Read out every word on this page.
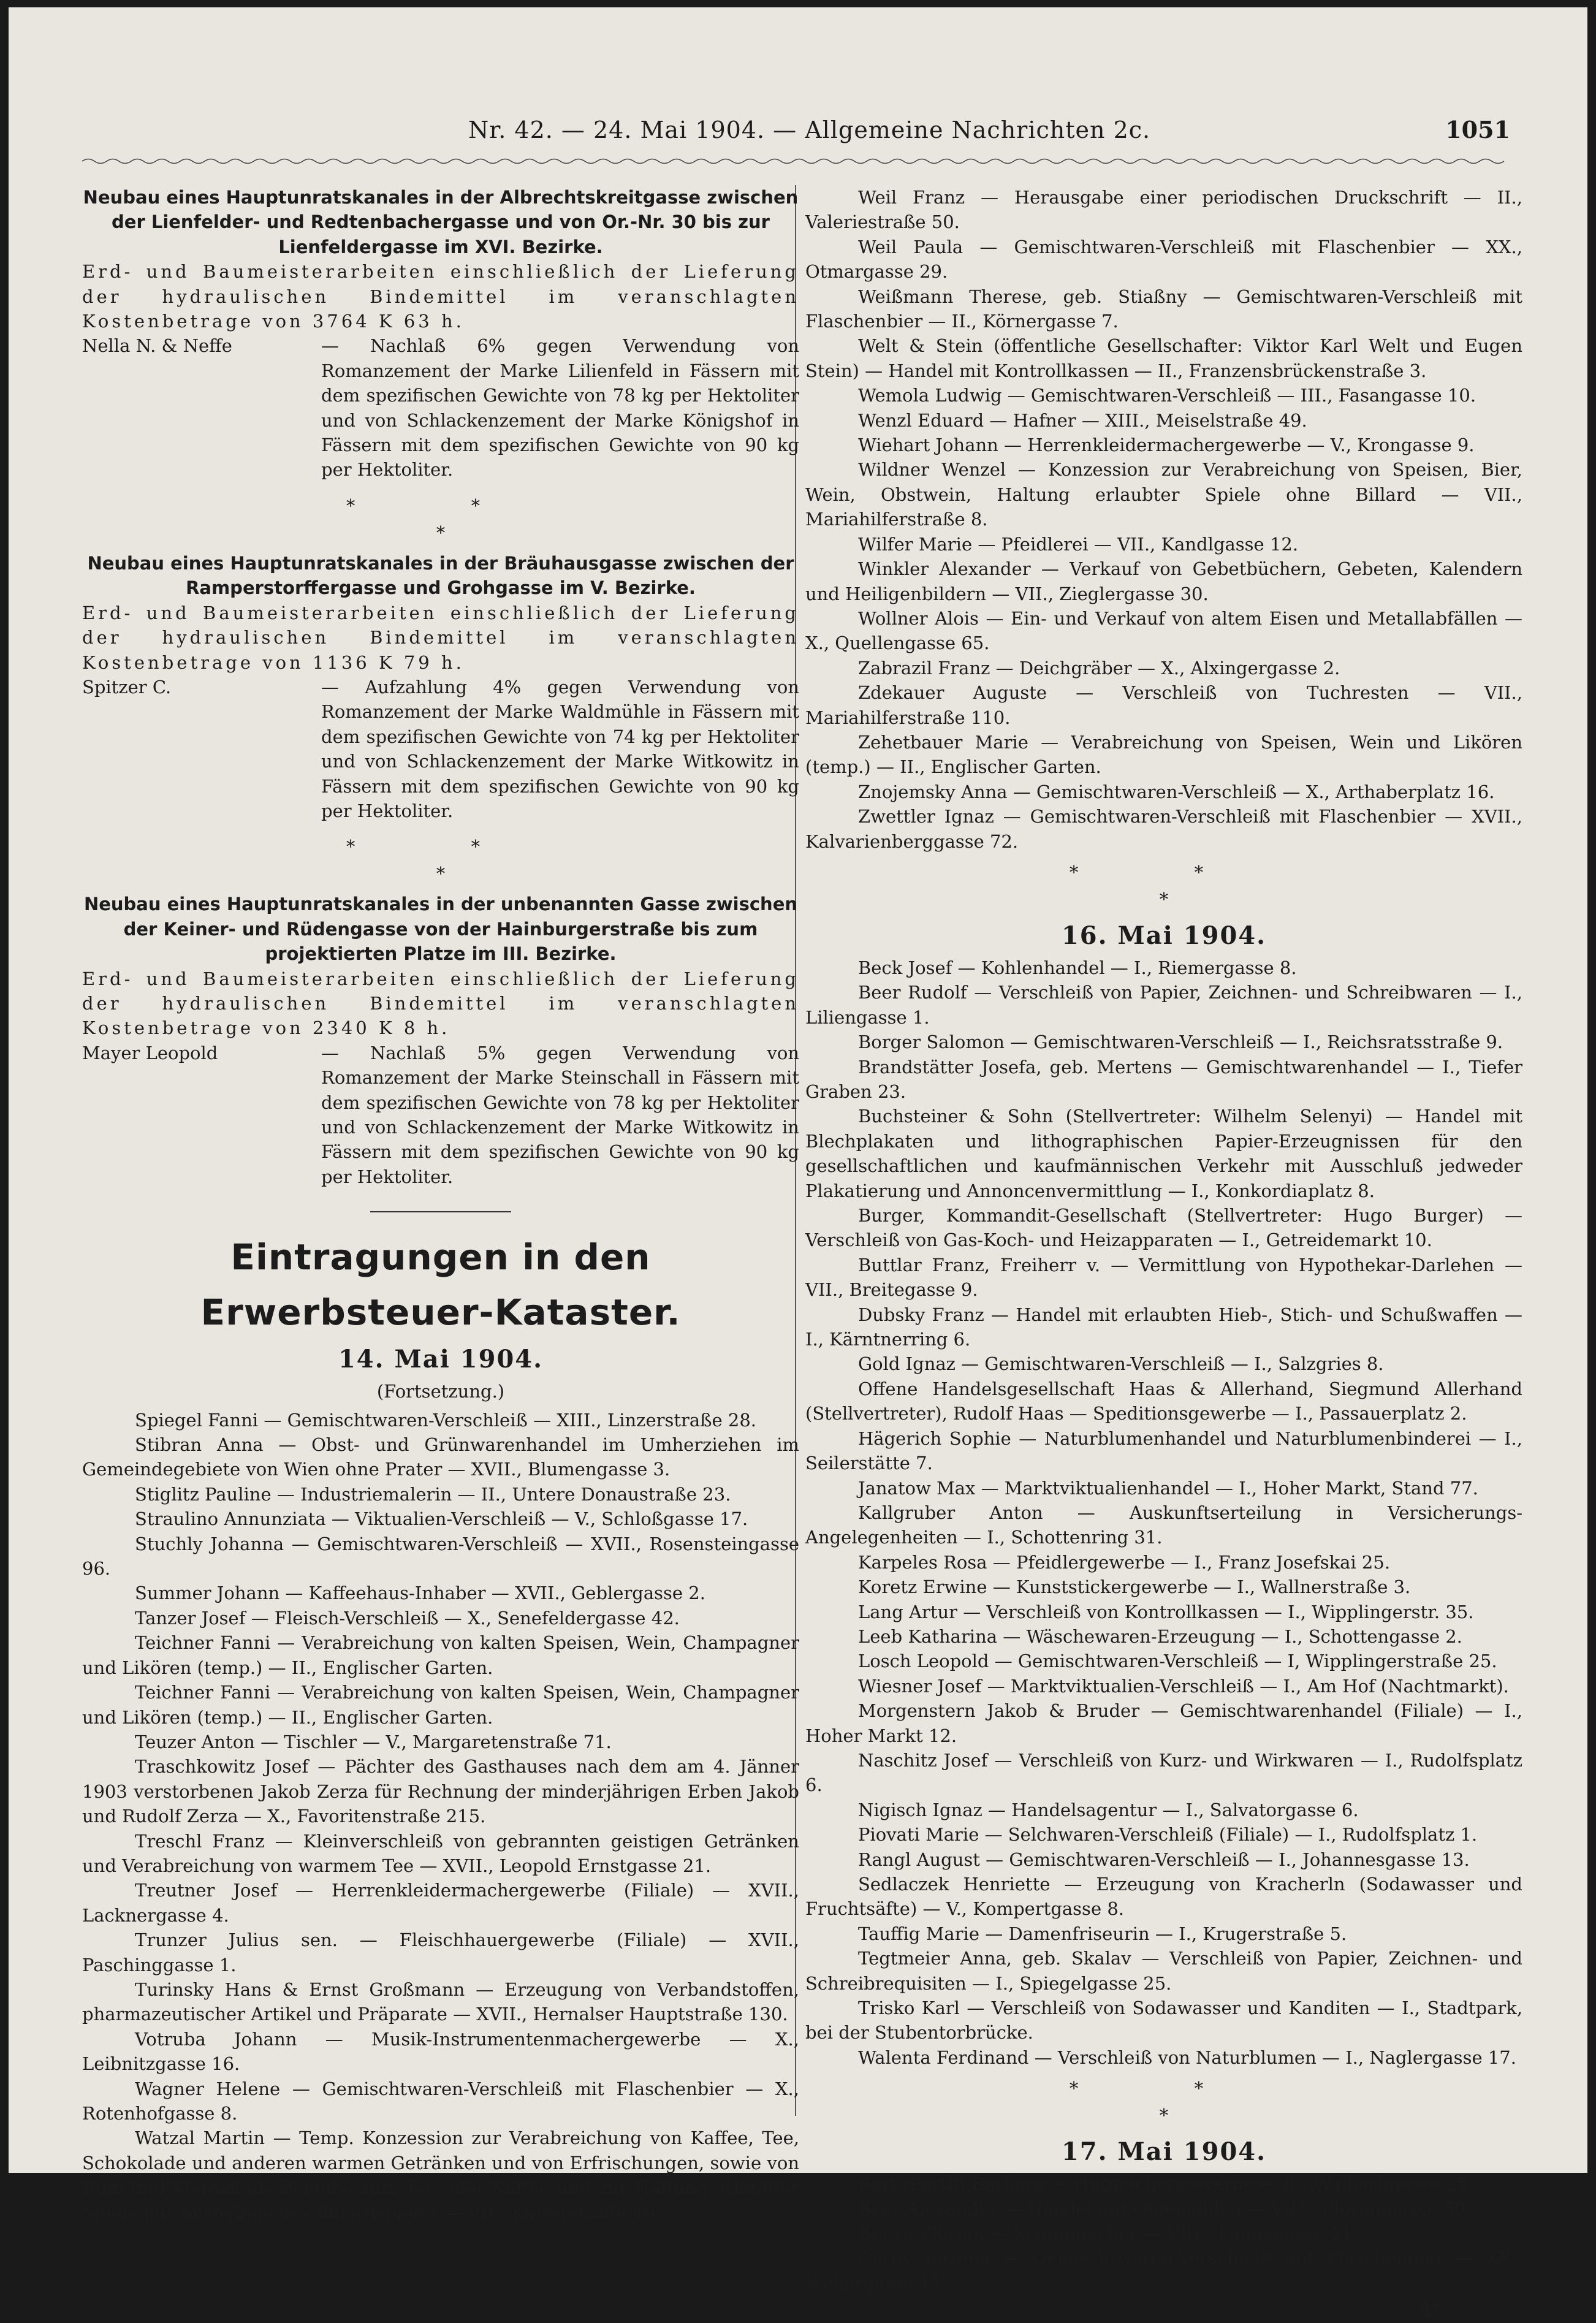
Nr. 42. — 24. Mai 1904. — Allgemeine Nachrichten 2c.	1051

Neubau eines Hauptunratskanales in der Albrechtskreitgasse zwischen der Lienfelder- und Redtenbachergasse und von Or.-Nr. 30 bis zur Lienfeldergasse im XVI. Bezirke.

Erd- und Baumeisterarbeiten einschließlich der Lieferung der hydraulischen Bindemittel im veranschlagten Kostenbetrage von 3764 K 63 h.

Nella N. & Neffe	— Nachlaß 6% gegen Verwendung von Romanzement der Marke Lilienfeld in Fässern mit dem spezifischen Gewichte von 78 kg per Hektoliter und von Schlackenzement der Marke Königshof in Fässern mit dem spezifischen Gewichte von 90 kg per Hektoliter.

* *

*

Neubau eines Hauptunratskanales in der Bräuhausgasse zwischen der Ramperstorffergasse und Grohgasse im V. Bezirke.

Erd- und Baumeisterarbeiten einschließlich der Lieferung der hydraulischen Bindemittel im veranschlagten Kostenbetrage von 1136 K 79 h.

Spitzer C.	— Aufzahlung 4% gegen Verwendung von Romanzement der Marke Waldmühle in Fässern mit dem spezifischen Gewichte von 74 kg per Hektoliter und von Schlackenzement der Marke Witkowitz in Fässern mit dem spezifischen Gewichte von 90 kg per Hektoliter.

* *

*

Neubau eines Hauptunratskanales in der unbenannten Gasse zwischen der Keiner- und Rüdengasse von der Hainburgerstraße bis zum projektierten Platze im III. Bezirke.

Erd- und Baumeisterarbeiten einschließlich der Lieferung der hydraulischen Bindemittel im veranschlagten Kostenbetrage von 2340 K 8 h.

Mayer Leopold	— Nachlaß 5% gegen Verwendung von Romanzement der Marke Steinschall in Fässern mit dem spezifischen Gewichte von 78 kg per Hektoliter und von Schlackenzement der Marke Witkowitz in Fässern mit dem spezifischen Gewichte von 90 kg per Hektoliter.

Eintragungen in den Erwerbsteuer-Kataster.

14. Mai 1904.

(Fortsetzung.)

Spiegel Fanni — Gemischtwaren-Verschleiß — XIII., Linzerstraße 28.

Stibran Anna — Obst- und Grünwarenhandel im Umherziehen im Gemeindegebiete von Wien ohne Prater — XVII., Blumengasse 3.

Stiglitz Pauline — Industriemalerin — II., Untere Donaustraße 23.

Straulino Annunziata — Viktualien-Verschleiß — V., Schloßgasse 17.

Stuchly Johanna — Gemischtwaren-Verschleiß — XVII., Rosensteingasse 96.

Summer Johann — Kaffeehaus-Inhaber — XVII., Geblergasse 2.

Tanzer Josef — Fleisch-Verschleiß — X., Senefeldergasse 42.

Teichner Fanni — Verabreichung von kalten Speisen, Wein, Champagner und Likören (temp.) — II., Englischer Garten.

Teichner Fanni — Verabreichung von kalten Speisen, Wein, Champagner und Likören (temp.) — II., Englischer Garten.

Teuzer Anton — Tischler — V., Margaretenstraße 71.

Traschkowitz Josef — Pächter des Gasthauses nach dem am 4. Jänner 1903 verstorbenen Jakob Zerza für Rechnung der minderjährigen Erben Jakob und Rudolf Zerza — X., Favoritenstraße 215.

Treschl Franz — Kleinverschleiß von gebrannten geistigen Getränken und Verabreichung von warmem Tee — XVII., Leopold Ernstgasse 21.

Treutner Josef — Herrenkleidermachergewerbe (Filiale) — XVII., Lacknergasse 4.

Trunzer Julius sen. — Fleischhauergewerbe (Filiale) — XVII., Paschinggasse 1.

Turinsky Hans & Ernst Großmann — Erzeugung von Verbandstoffen, pharmazeutischer Artikel und Präparate — XVII., Hernalser Hauptstraße 130.

Votruba Johann — Musik-Instrumentenmachergewerbe — X., Leibnitzgasse 16.

Wagner Helene — Gemischtwaren-Verschleiß mit Flaschenbier — X., Rotenhofgasse 8.

Watzal Martin — Temp. Konzession zur Verabreichung von Kaffee, Tee, Schokolade und anderen warmen Getränken und von Erfrischungen, sowie von Rum und Kognak als Beigabe zum Tee oder Kaffee und zur Haltung erlaubter Spiele mit Ausnahme des Billardspieles — VII., Kaiserstraße 40.

Weil Franz — Herausgabe einer periodischen Druckschrift — II., Valeriestraße 50.

Weil Paula — Gemischtwaren-Verschleiß mit Flaschenbier — XX., Otmargasse 29.

Weißmann Therese, geb. Stiaßny — Gemischtwaren-Verschleiß mit Flaschenbier — II., Körnergasse 7.

Welt & Stein (öffentliche Gesellschafter: Viktor Karl Welt und Eugen Stein) — Handel mit Kontrollkassen — II., Franzensbrückenstraße 3.

Wemola Ludwig — Gemischtwaren-Verschleiß — III., Fasangasse 10.

Wenzl Eduard — Hafner — XIII., Meiselstraße 49.

Wiehart Johann — Herrenkleidermachergewerbe — V., Krongasse 9.

Wildner Wenzel — Konzession zur Verabreichung von Speisen, Bier, Wein, Obstwein, Haltung erlaubter Spiele ohne Billard — VII., Mariahilferstraße 8.

Wilfer Marie — Pfeidlerei — VII., Kandlgasse 12.

Winkler Alexander — Verkauf von Gebetbüchern, Gebeten, Kalendern und Heiligenbildern — VII., Zieglergasse 30.

Wollner Alois — Ein- und Verkauf von altem Eisen und Metallabfällen — X., Quellengasse 65.

Zabrazil Franz — Deichgräber — X., Alxingergasse 2.

Zdekauer Auguste — Verschleiß von Tuchresten — VII., Mariahilferstraße 110.

Zehetbauer Marie — Verabreichung von Speisen, Wein und Likören (temp.) — II., Englischer Garten.

Znojemsky Anna — Gemischtwaren-Verschleiß — X., Arthaberplatz 16.

Zwettler Ignaz — Gemischtwaren-Verschleiß mit Flaschenbier — XVII., Kalvarienberggasse 72.

* *

*

16. Mai 1904.

Beck Josef — Kohlenhandel — I., Riemergasse 8.

Beer Rudolf — Verschleiß von Papier, Zeichnen- und Schreibwaren — I., Liliengasse 1.

Borger Salomon — Gemischtwaren-Verschleiß — I., Reichsratsstraße 9.

Brandstätter Josefa, geb. Mertens — Gemischtwarenhandel — I., Tiefer Graben 23.

Buchsteiner & Sohn (Stellvertreter: Wilhelm Selenyi) — Handel mit Blechplakaten und lithographischen Papier-Erzeugnissen für den gesellschaftlichen und kaufmännischen Verkehr mit Ausschluß jedweder Plakatierung und Annoncenvermittlung — I., Konkordiaplatz 8.

Burger, Kommandit-Gesellschaft (Stellvertreter: Hugo Burger) — Verschleiß von Gas-Koch- und Heizapparaten — I., Getreidemarkt 10.

Buttlar Franz, Freiherr v. — Vermittlung von Hypothekar-Darlehen — VII., Breitegasse 9.

Dubsky Franz — Handel mit erlaubten Hieb-, Stich- und Schußwaffen — I., Kärntnerring 6.

Gold Ignaz — Gemischtwaren-Verschleiß — I., Salzgries 8.

Offene Handelsgesellschaft Haas & Allerhand, Siegmund Allerhand (Stellvertreter), Rudolf Haas — Speditionsgewerbe — I., Passauerplatz 2.

Hägerich Sophie — Naturblumenhandel und Naturblumenbinderei — I., Seilerstätte 7.

Janatow Max — Marktviktualienhandel — I., Hoher Markt, Stand 77.

Kallgruber Anton — Auskunftserteilung in Versicherungs-Angelegenheiten — I., Schottenring 31.

Karpeles Rosa — Pfeidlergewerbe — I., Franz Josefskai 25.

Koretz Erwine — Kunststickergewerbe — I., Wallnerstraße 3.

Lang Artur — Verschleiß von Kontrollkassen — I., Wipplingerstr. 35.

Leeb Katharina — Wäschewaren-Erzeugung — I., Schottengasse 2.

Losch Leopold — Gemischtwaren-Verschleiß — I, Wipplingerstraße 25.

Wiesner Josef — Marktviktualien-Verschleiß — I., Am Hof (Nachtmarkt).

Morgenstern Jakob & Bruder — Gemischtwarenhandel (Filiale) — I., Hoher Markt 12.

Naschitz Josef — Verschleiß von Kurz- und Wirkwaren — I., Rudolfsplatz 6.

Nigisch Ignaz — Handelsagentur — I., Salvatorgasse 6.

Piovati Marie — Selchwaren-Verschleiß (Filiale) — I., Rudolfsplatz 1.

Rangl August — Gemischtwaren-Verschleiß — I., Johannesgasse 13.

Sedlaczek Henriette — Erzeugung von Kracherln (Sodawasser und Fruchtsäfte) — V., Kompertgasse 8.

Tauffig Marie — Damenfriseurin — I., Krugerstraße 5.

Tegtmeier Anna, geb. Skalav — Verschleiß von Papier, Zeichnen- und Schreibrequisiten — I., Spiegelgasse 25.

Trisko Karl — Verschleiß von Sodawasser und Kanditen — I., Stadtpark, bei der Stubentorbrücke.

Walenta Ferdinand — Verschleiß von Naturblumen — I., Naglergasse 17.

* *

*

17. Mai 1904.

Bart (Parth) Barbara — Hutmachergewerbe — II., Walfischgasse 25.

Beer Alexander — Handel mit Ölgemälden — VIII., Floriangasse 50.

Benya Florian — Schuhmacher — VIII., Langegasse 51.

Cerny Bozena — Gemischtwaren-Verschleiß mit Flaschenbier — XX., Webergasse 11.

4*
